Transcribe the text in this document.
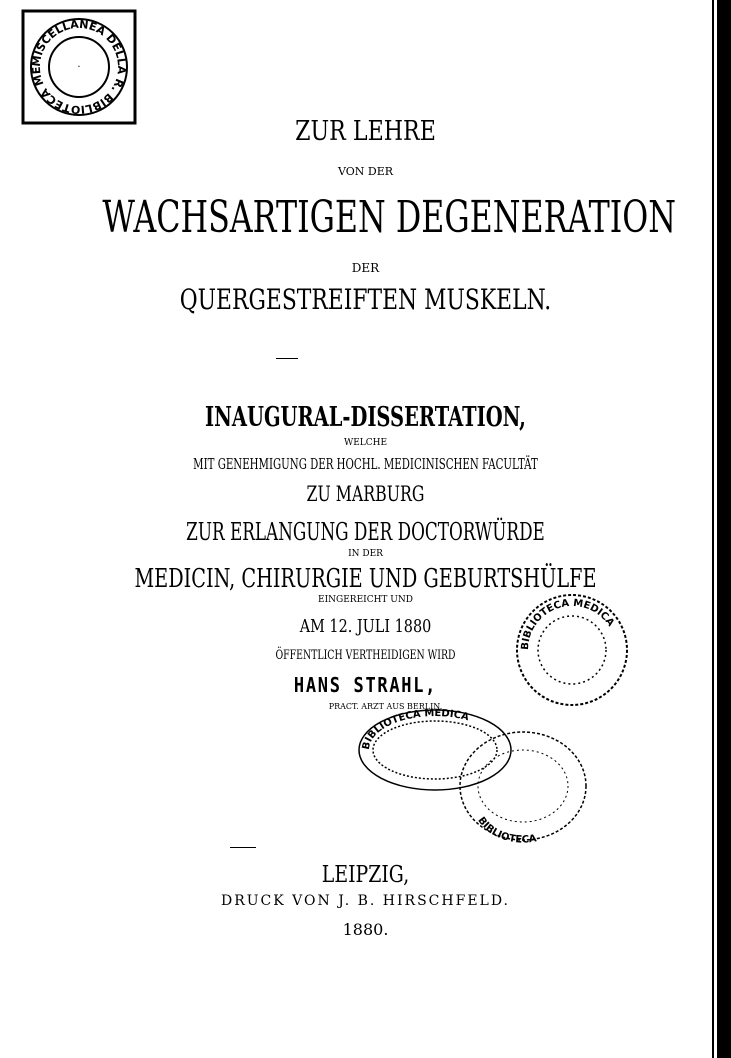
MISCELLANEA DELLA R. BIBLIOTECA ME	·
ZUR LEHRE
VON DER
WACHSARTIGEN DEGENERATION
DER
QUERGESTREIFTEN MUSKELN.
INAUGURAL-DISSERTATION,
WELCHE
MIT GENEHMIGUNG DER HOCHL. MEDICINISCHEN FACULTÄT
ZU MARBURG
ZUR ERLANGUNG DER DOCTORWÜRDE
IN DER
MEDICIN, CHIRURGIE UND GEBURTSHÜLFE
EINGEREICHT UND
AM 12. JULI 1880
ÖFFENTLICH VERTHEIDIGEN WIRD
HANS STRAHL,
PRACT. ARZT AUS BERLIN.
BIBLIOTECA MEDICA
BIBLIOTECA MEDICA
BIBLIOTECA
LEIPZIG,
DRUCK VON J. B. HIRSCHFELD.
1880.
